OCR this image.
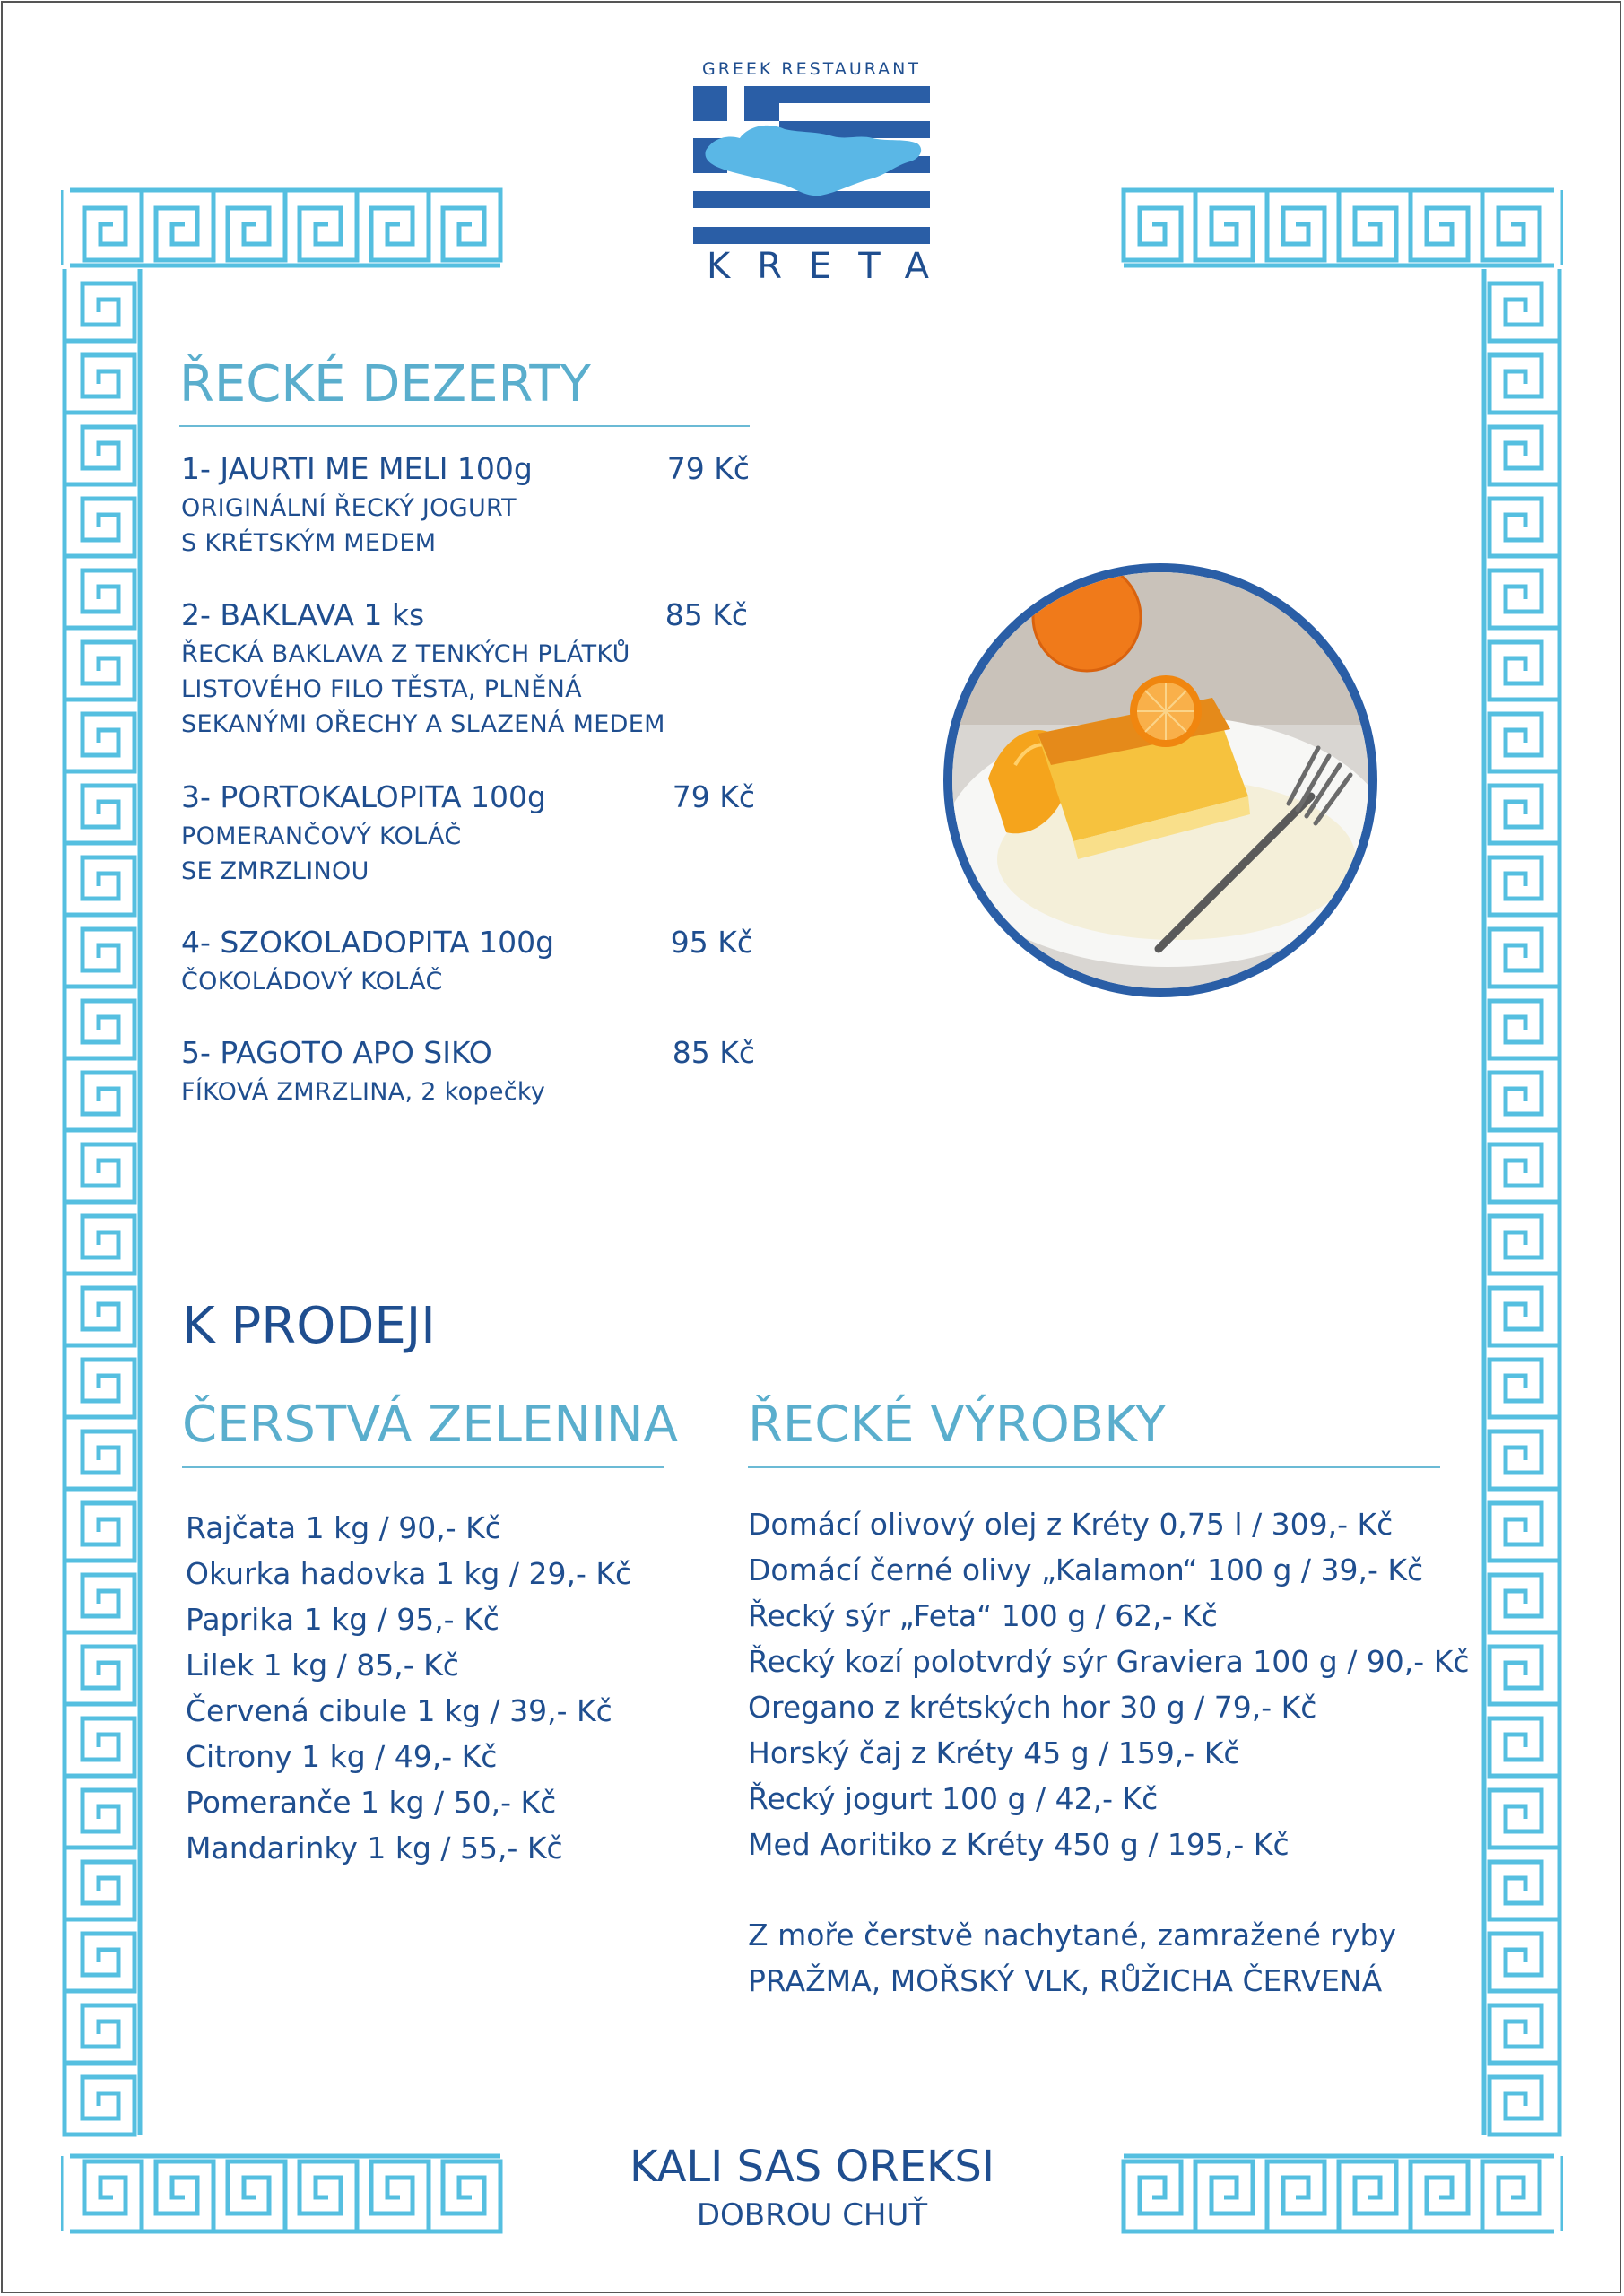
GREEK RESTAURANT
KRETA
ŘECKÉ DEZERTY
1- JAURTI ME MELI 100g	79 Kč
ORIGINÁLNÍ ŘECKÝ JOGURT
S KRÉTSKÝM MEDEM
2- BAKLAVA 1 ks	85 Kč
ŘECKÁ BAKLAVA Z TENKÝCH PLÁTKŮ
LISTOVÉHO FILO TĚSTA, PLNĚNÁ
SEKANÝMI OŘECHY A SLAZENÁ MEDEM
3- PORTOKALOPITA 100g	79 Kč
POMERANČOVÝ KOLÁČ
SE ZMRZLINOU
4- SZOKOLADOPITA 100g	95 Kč
ČOKOLÁDOVÝ KOLÁČ
5- PAGOTO APO SIKO	85 Kč
FÍKOVÁ ZMRZLINA, 2 kopečky
K PRODEJI
ČERSTVÁ ZELENINA
Rajčata 1 kg / 90,- Kč
Okurka hadovka 1 kg / 29,- Kč
Paprika 1 kg / 95,- Kč
Lilek 1 kg / 85,- Kč
Červená cibule 1 kg / 39,- Kč
Citrony 1 kg / 49,- Kč
Pomeranče 1 kg / 50,- Kč
Mandarinky 1 kg / 55,- Kč
ŘECKÉ VÝROBKY
Domácí olivový olej z Kréty 0,75 l / 309,- Kč
Domácí černé olivy „Kalamon“ 100 g / 39,- Kč
Řecký sýr „Feta“ 100 g / 62,- Kč
Řecký kozí polotvrdý sýr Graviera 100 g / 90,- Kč
Oregano z krétských hor 30 g / 79,- Kč
Horský čaj z Kréty 45 g / 159,- Kč
Řecký jogurt 100 g / 42,- Kč
Med Aoritiko z Kréty 450 g / 195,- Kč
Z moře čerstvě nachytané, zamražené ryby
PRAŽMA, MOŘSKÝ VLK, RŮŽICHA ČERVENÁ
KALI SAS OREKSI
DOBROU CHUŤ
